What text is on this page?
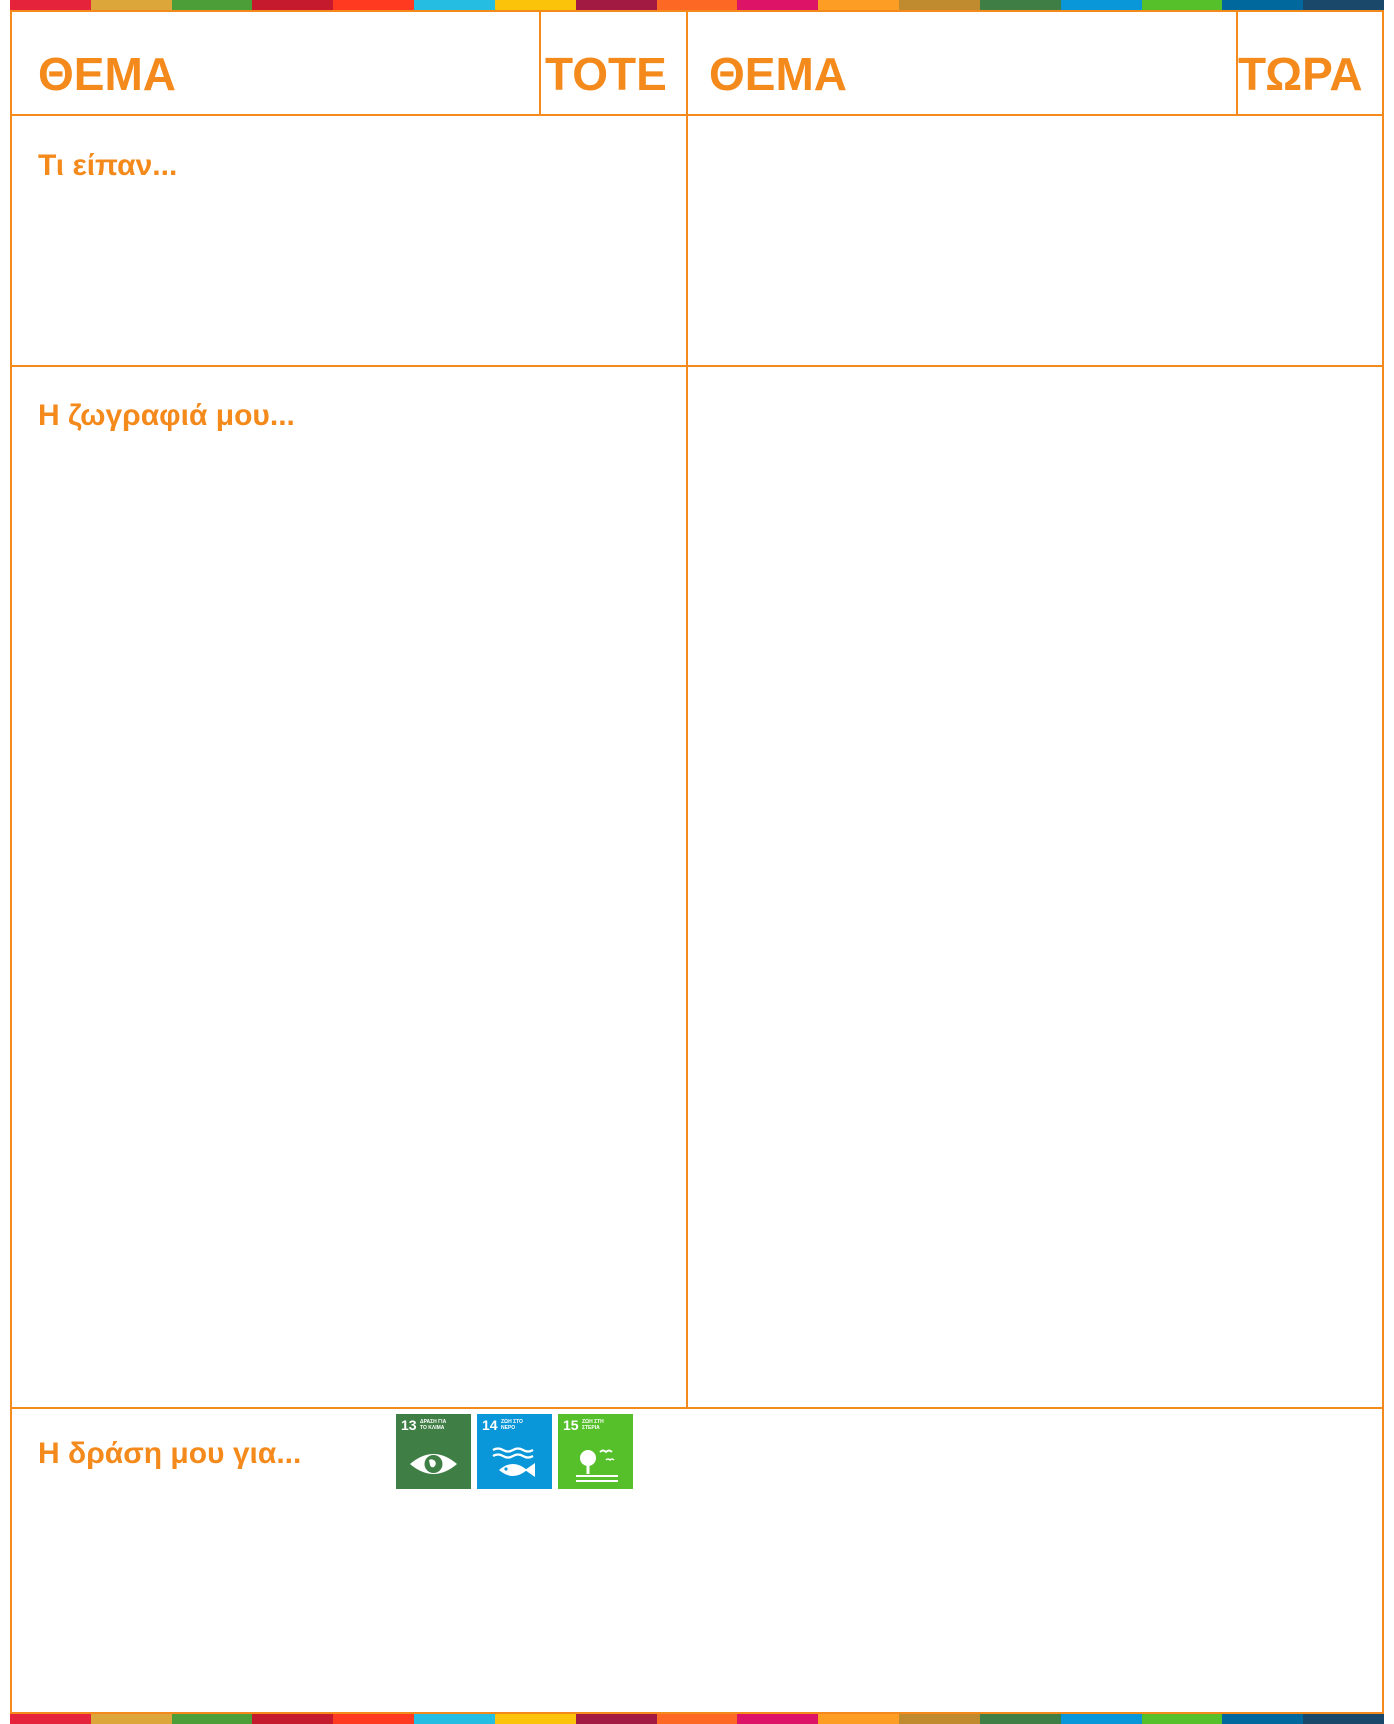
ΘΕΜΑ	ΤΟΤΕ ΘΕΜΑ	ΤΩΡΑ
Τι είπαν...
Η ζωγραφιά μου...
Η δράση μου για...
13 ΔΡΑΣΗ ΓΙΑ
ΤΟ ΚΛΙΜΑ	14 ΖΩΗ ΣΤΟ
ΝΕΡΟ	15 ΖΩΗ ΣΤΗ
ΣΤΕΡΙΑ
